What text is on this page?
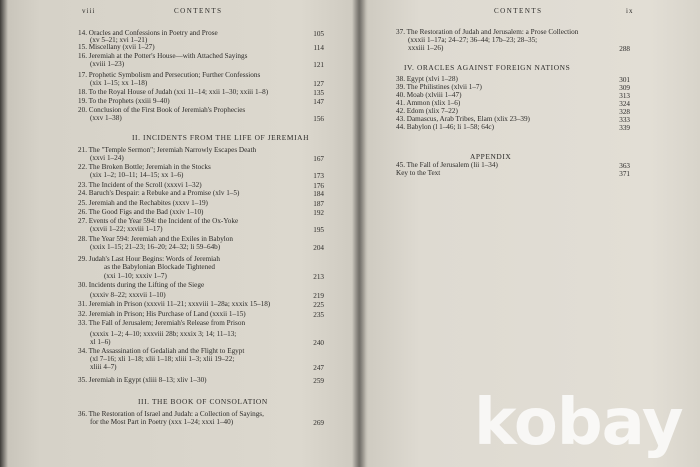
viii	CONTENTS
14. Oracles and Confessions in Poetry and Prose	105
(xv 5–21; xvi 1–21)
15. Miscellany (xvii 1–27)	114
16. Jeremiah at the Potter's House—with Attached Sayings
(xviii 1–23)	121
17. Prophetic Symbolism and Persecution; Further Confessions
(xix 1–15; xx 1–18)	127
18. To the Royal House of Judah (xxi 11–14; xxii 1–30; xxiii 1–8)	135
19. To the Prophets (xxiii 9–40)	147
20. Conclusion of the First Book of Jeremiah's Prophecies
(xxv 1–38)	156
II. INCIDENTS FROM THE LIFE OF JEREMIAH
21. The "Temple Sermon"; Jeremiah Narrowly Escapes Death
(xxvi 1–24)	167
22. The Broken Bottle; Jeremiah in the Stocks
(xix 1–2; 10–11; 14–15; xx 1–6)	173
23. The Incident of the Scroll (xxxvi 1–32)	176
24. Baruch's Despair: a Rebuke and a Promise (xlv 1–5)	184
25. Jeremiah and the Rechabites (xxxv 1–19)	187
26. The Good Figs and the Bad (xxiv 1–10)	192
27. Events of the Year 594: the Incident of the Ox-Yoke
(xxvii 1–22; xxviii 1–17)	195
28. The Year 594: Jeremiah and the Exiles in Babylon
(xxix 1–15; 21–23; 16–20; 24–32; li 59–64b)	204
29. Judah's Last Hour Begins: Words of Jeremiah
as the Babylonian Blockade Tightened
(xxi 1–10; xxxiv 1–7)	213
30. Incidents during the Lifting of the Siege
(xxxiv 8–22; xxxvii 1–10)	219
31. Jeremiah in Prison (xxxvii 11–21; xxxviii 1–28a; xxxix 15–18)	225
32. Jeremiah in Prison; His Purchase of Land (xxxii 1–15)	235
33. The Fall of Jerusalem; Jeremiah's Release from Prison
(xxxix 1–2; 4–10; xxxviii 28b; xxxix 3; 14; 11–13;
xl 1–6)	240
34. The Assassination of Gedaliah and the Flight to Egypt
(xl 7–16; xli 1–18; xlii 1–18; xliii 1–3; xlii 19–22;
xliii 4–7)	247
35. Jeremiah in Egypt (xliii 8–13; xliv 1–30)	259
III. THE BOOK OF CONSOLATION
36. The Restoration of Israel and Judah: a Collection of Sayings,
for the Most Part in Poetry (xxx 1–24; xxxi 1–40)	269
CONTENTS	ix
37. The Restoration of Judah and Jerusalem: a Prose Collection
(xxxii 1–17a; 24–27; 36–44; 17b–23; 28–35;
xxxiii 1–26)	288
IV. ORACLES AGAINST FOREIGN NATIONS
38. Egypt (xlvi 1–28)	301
39. The Philistines (xlvii 1–7)	309
40. Moab (xlviii 1–47)	313
41. Ammon (xlix 1–6)	324
42. Edom (xlix 7–22)	328
43. Damascus, Arab Tribes, Elam (xlix 23–39)	333
44. Babylon (l 1–46; li 1–58; 64c)	339
APPENDIX
45. The Fall of Jerusalem (lii 1–34)	363
Key to the Text	371
kobay
